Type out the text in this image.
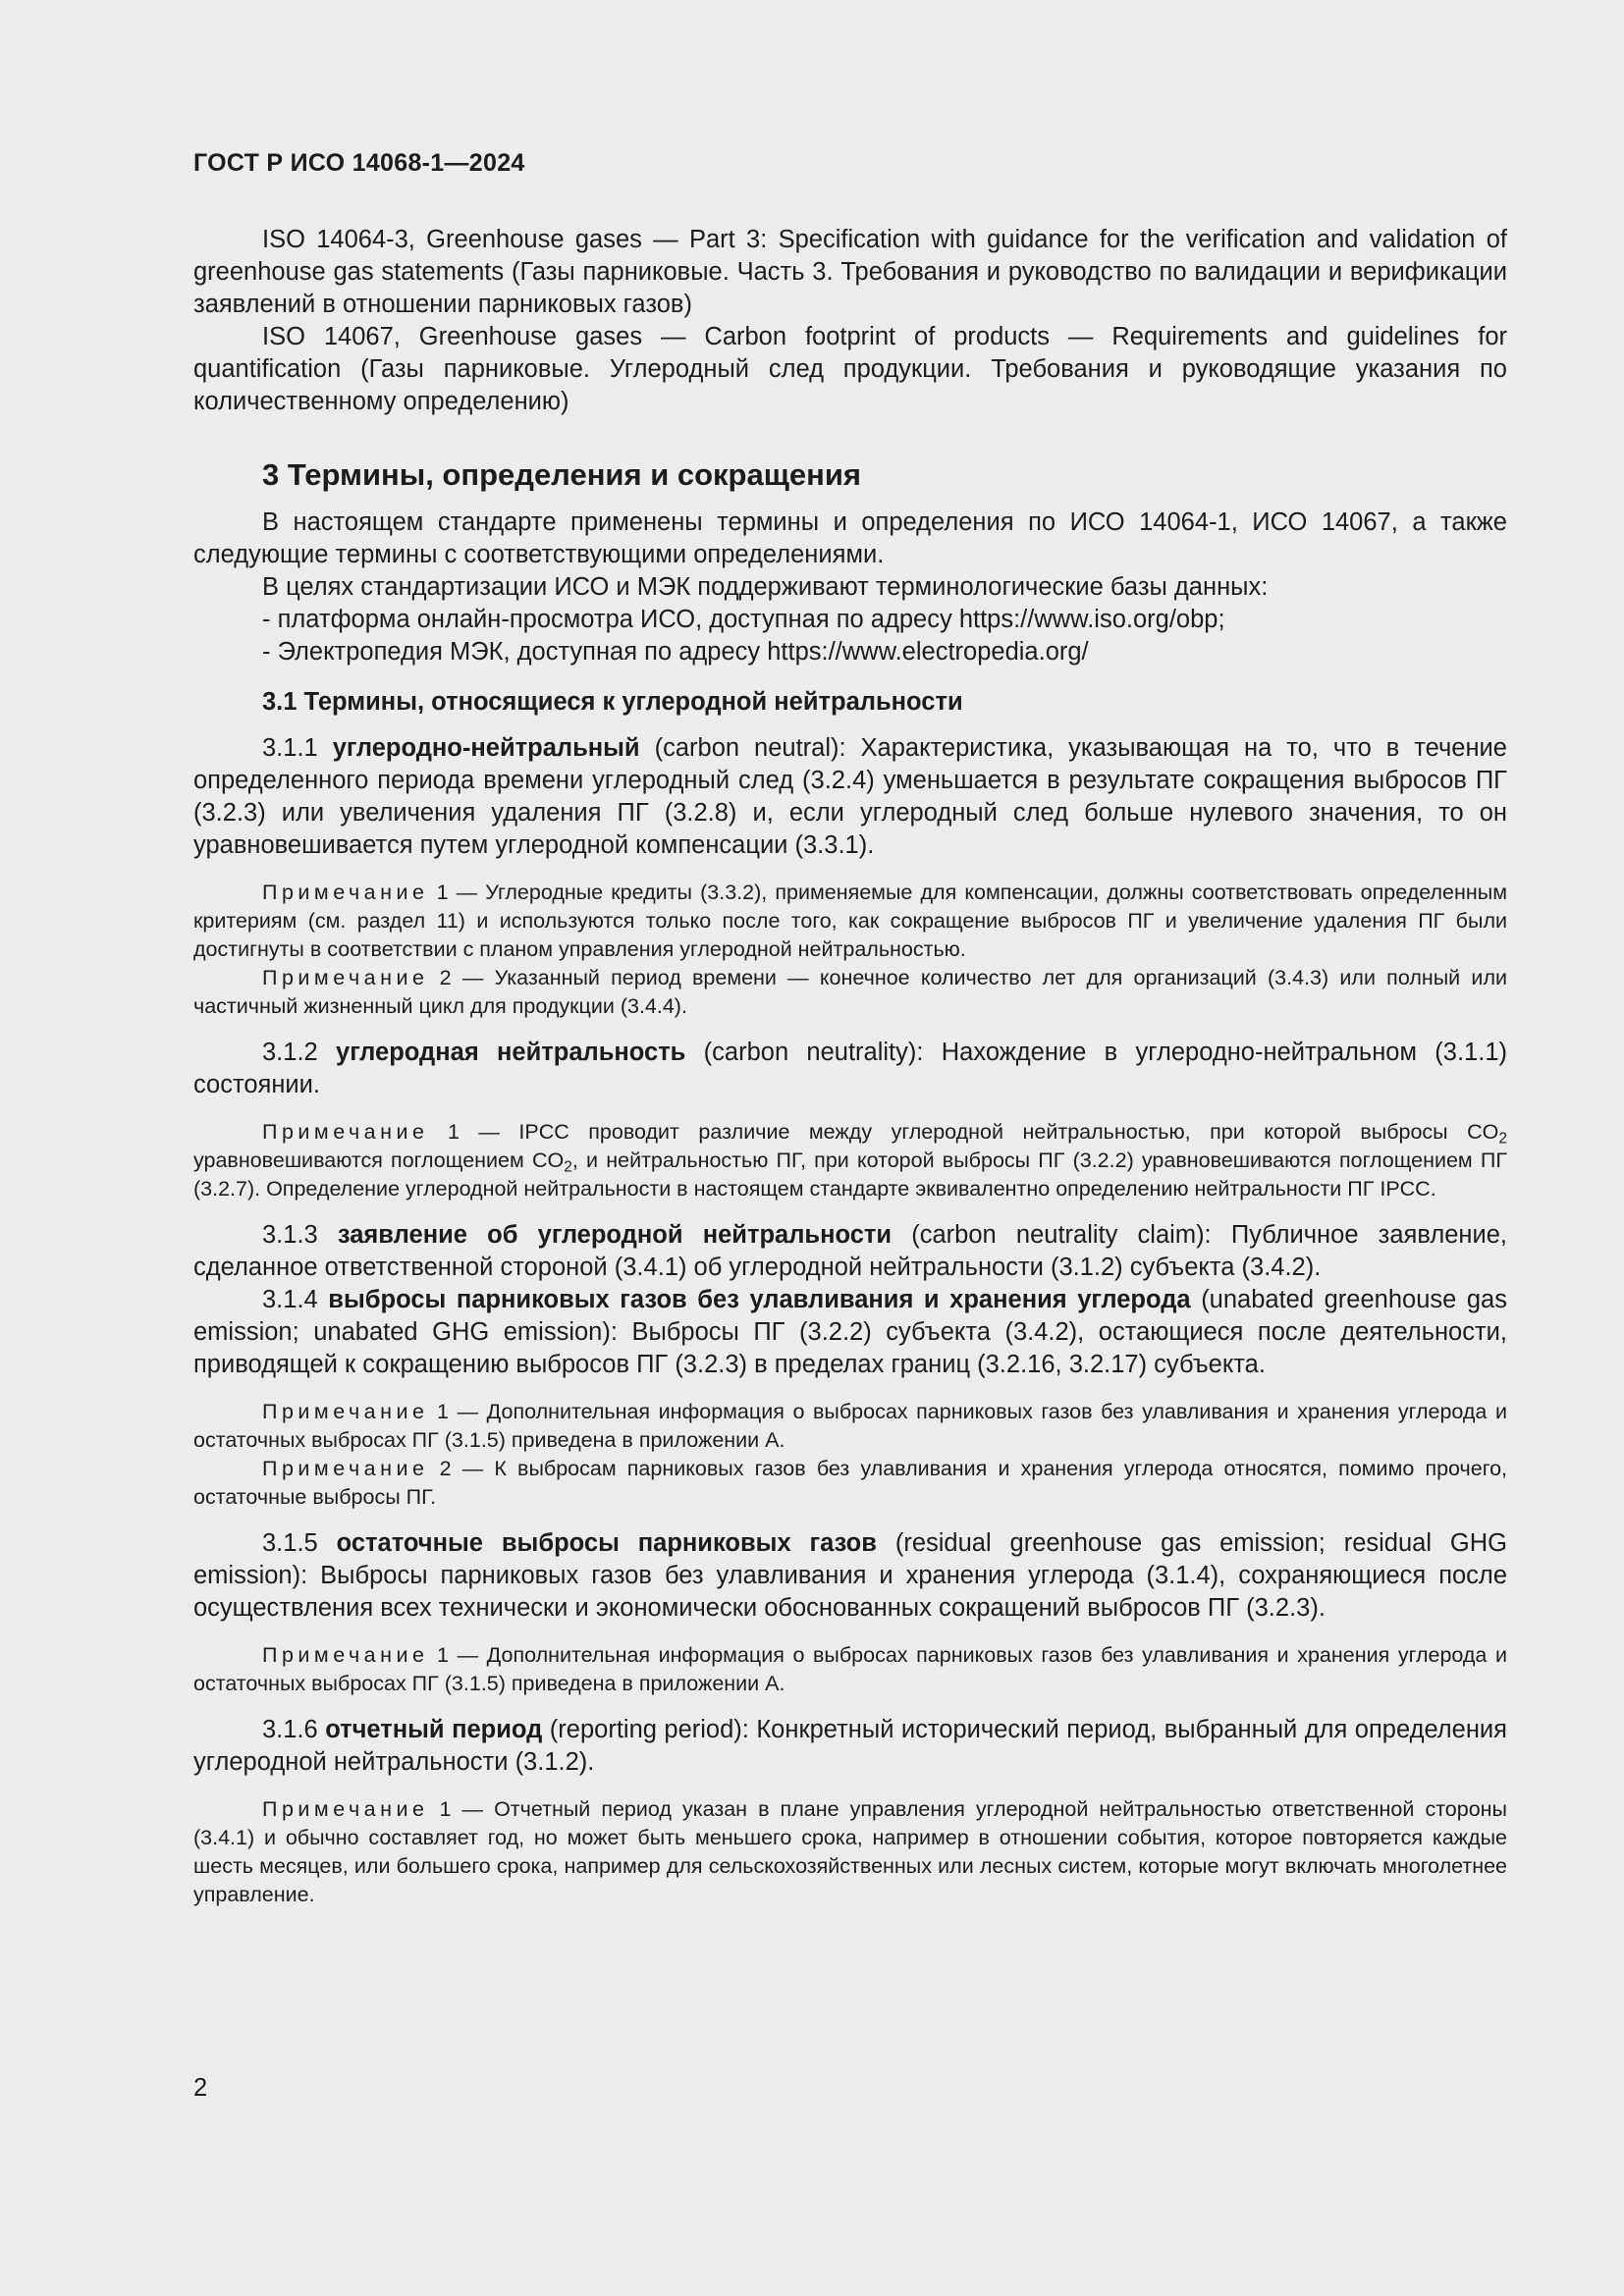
ГОСТ Р ИСО 14068-1—2024

ISO 14064-3, Greenhouse gases — Part 3: Specification with guidance for the verification and validation of greenhouse gas statements (Газы парниковые. Часть 3. Требования и руководство по валидации и верификации заявлений в отношении парниковых газов)

ISO 14067, Greenhouse gases — Carbon footprint of products — Requirements and guidelines for quantification (Газы парниковые. Углеродный след продукции. Требования и руководящие указания по количественному определению)

3 Термины, определения и сокращения

В настоящем стандарте применены термины и определения по ИСО 14064-1, ИСО 14067, а также следующие термины с соответствующими определениями.

В целях стандартизации ИСО и МЭК поддерживают терминологические базы данных:

- платформа онлайн-просмотра ИСО, доступная по адресу https://www.iso.org/obp;

- Электропедия МЭК, доступная по адресу https://www.electropedia.org/

3.1 Термины, относящиеся к углеродной нейтральности

3.1.1 углеродно-нейтральный (carbon neutral): Характеристика, указывающая на то, что в течение определенного периода времени углеродный след (3.2.4) уменьшается в результате сокращения выбросов ПГ (3.2.3) или увеличения удаления ПГ (3.2.8) и, если углеродный след больше нулевого значения, то он уравновешивается путем углеродной компенсации (3.3.1).

Примечание 1 — Углеродные кредиты (3.3.2), применяемые для компенсации, должны соответствовать определенным критериям (см. раздел 11) и используются только после того, как сокращение выбросов ПГ и увеличение удаления ПГ были достигнуты в соответствии с планом управления углеродной нейтральностью.

Примечание 2 — Указанный период времени — конечное количество лет для организаций (3.4.3) или полный или частичный жизненный цикл для продукции (3.4.4).

3.1.2 углеродная нейтральность (carbon neutrality): Нахождение в углеродно-нейтральном (3.1.1) состоянии.

Примечание 1 — IPCC проводит различие между углеродной нейтральностью, при которой выбросы $CO_2$ уравновешиваются поглощением $CO_2$, и нейтральностью ПГ, при которой выбросы ПГ (3.2.2) уравновешиваются поглощением ПГ (3.2.7). Определение углеродной нейтральности в настоящем стандарте эквивалентно определению нейтральности ПГ IPCC.

3.1.3 заявление об углеродной нейтральности (carbon neutrality claim): Публичное заявление, сделанное ответственной стороной (3.4.1) об углеродной нейтральности (3.1.2) субъекта (3.4.2).

3.1.4 выбросы парниковых газов без улавливания и хранения углерода (unabated greenhouse gas emission; unabated GHG emission): Выбросы ПГ (3.2.2) субъекта (3.4.2), остающиеся после деятельности, приводящей к сокращению выбросов ПГ (3.2.3) в пределах границ (3.2.16, 3.2.17) субъекта.

Примечание 1 — Дополнительная информация о выбросах парниковых газов без улавливания и хранения углерода и остаточных выбросах ПГ (3.1.5) приведена в приложении А.

Примечание 2 — К выбросам парниковых газов без улавливания и хранения углерода относятся, помимо прочего, остаточные выбросы ПГ.

3.1.5 остаточные выбросы парниковых газов (residual greenhouse gas emission; residual GHG emission): Выбросы парниковых газов без улавливания и хранения углерода (3.1.4), сохраняющиеся после осуществления всех технически и экономически обоснованных сокращений выбросов ПГ (3.2.3).

Примечание 1 — Дополнительная информация о выбросах парниковых газов без улавливания и хранения углерода и остаточных выбросах ПГ (3.1.5) приведена в приложении А.

3.1.6 отчетный период (reporting period): Конкретный исторический период, выбранный для определения углеродной нейтральности (3.1.2).

Примечание 1 — Отчетный период указан в плане управления углеродной нейтральностью ответственной стороны (3.4.1) и обычно составляет год, но может быть меньшего срока, например в отношении события, которое повторяется каждые шесть месяцев, или большего срока, например для сельскохозяйственных или лесных систем, которые могут включать многолетнее управление.

2
